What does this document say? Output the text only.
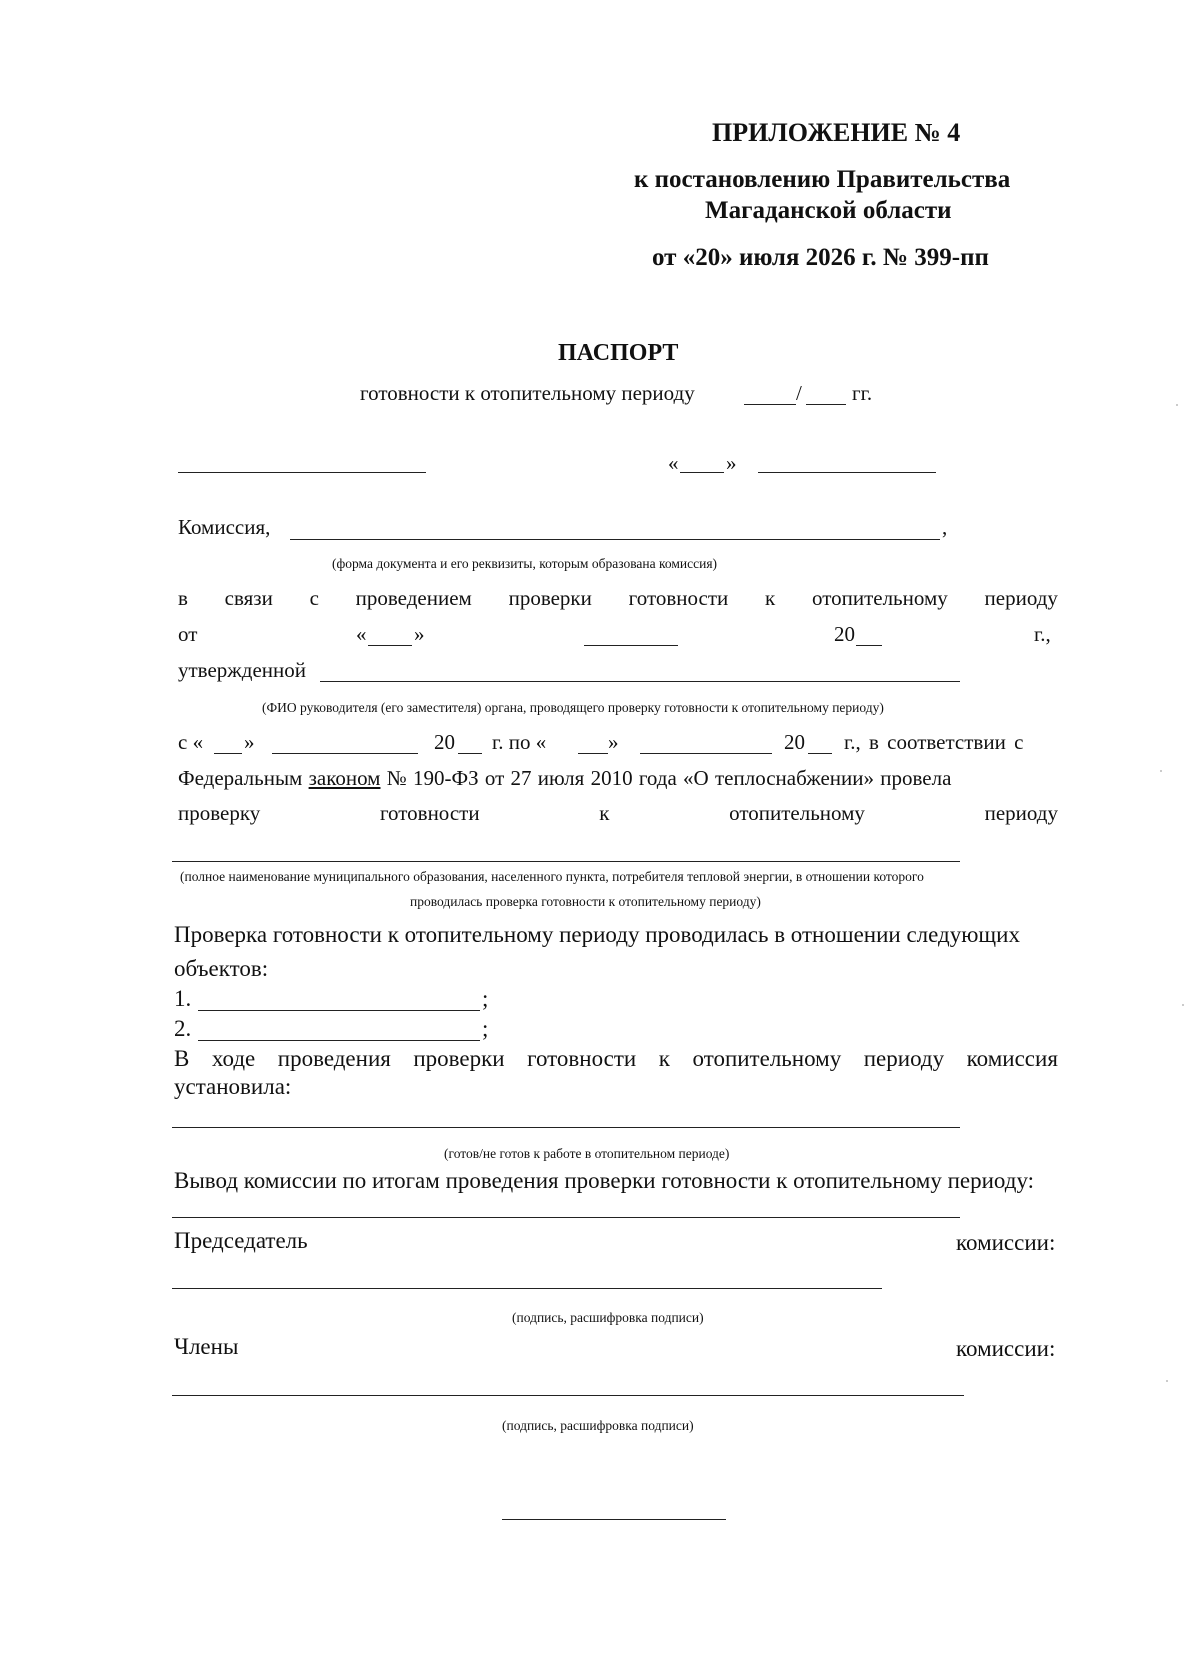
ПРИЛОЖЕНИЕ № 4
к постановлению Правительства
Магаданской области
от «20» июля 2026 г. № 399-пп
ПАСПОРТ
готовности к отопительному периоду	/ гг.
« »
Комиссия,	,
(форма документа и его реквизиты, которым образована комиссия)
в связи с проведением проверки готовности к отопительному периоду
от	« »	20	г.,
утвержденной
(ФИО руководителя (его заместителя) органа, проводящего проверку готовности к отопительному периоду)
с « »	20 г. по «	»	20 г., в соответствии с
Федеральным законом № 190-ФЗ от 27 июля 2010 года «О теплоснабжении» провела
проверку	готовности	к	отопительному	периоду
(полное наименование муниципального образования, населенного пункта, потребителя тепловой энергии, в отношении которого
проводилась проверка готовности к отопительному периоду)
Проверка готовности к отопительному периоду проводилась в отношении следующих
объектов:
1.	;
2.	;
В ходе проведения проверки готовности к отопительному периоду комиссия
установила:
(готов/не готов к работе в отопительном периоде)
Вывод комиссии по итогам проведения проверки готовности к отопительному периоду:
Председатель	комиссии:
(подпись, расшифровка подписи)
Члены	комиссии:
(подпись, расшифровка подписи)
